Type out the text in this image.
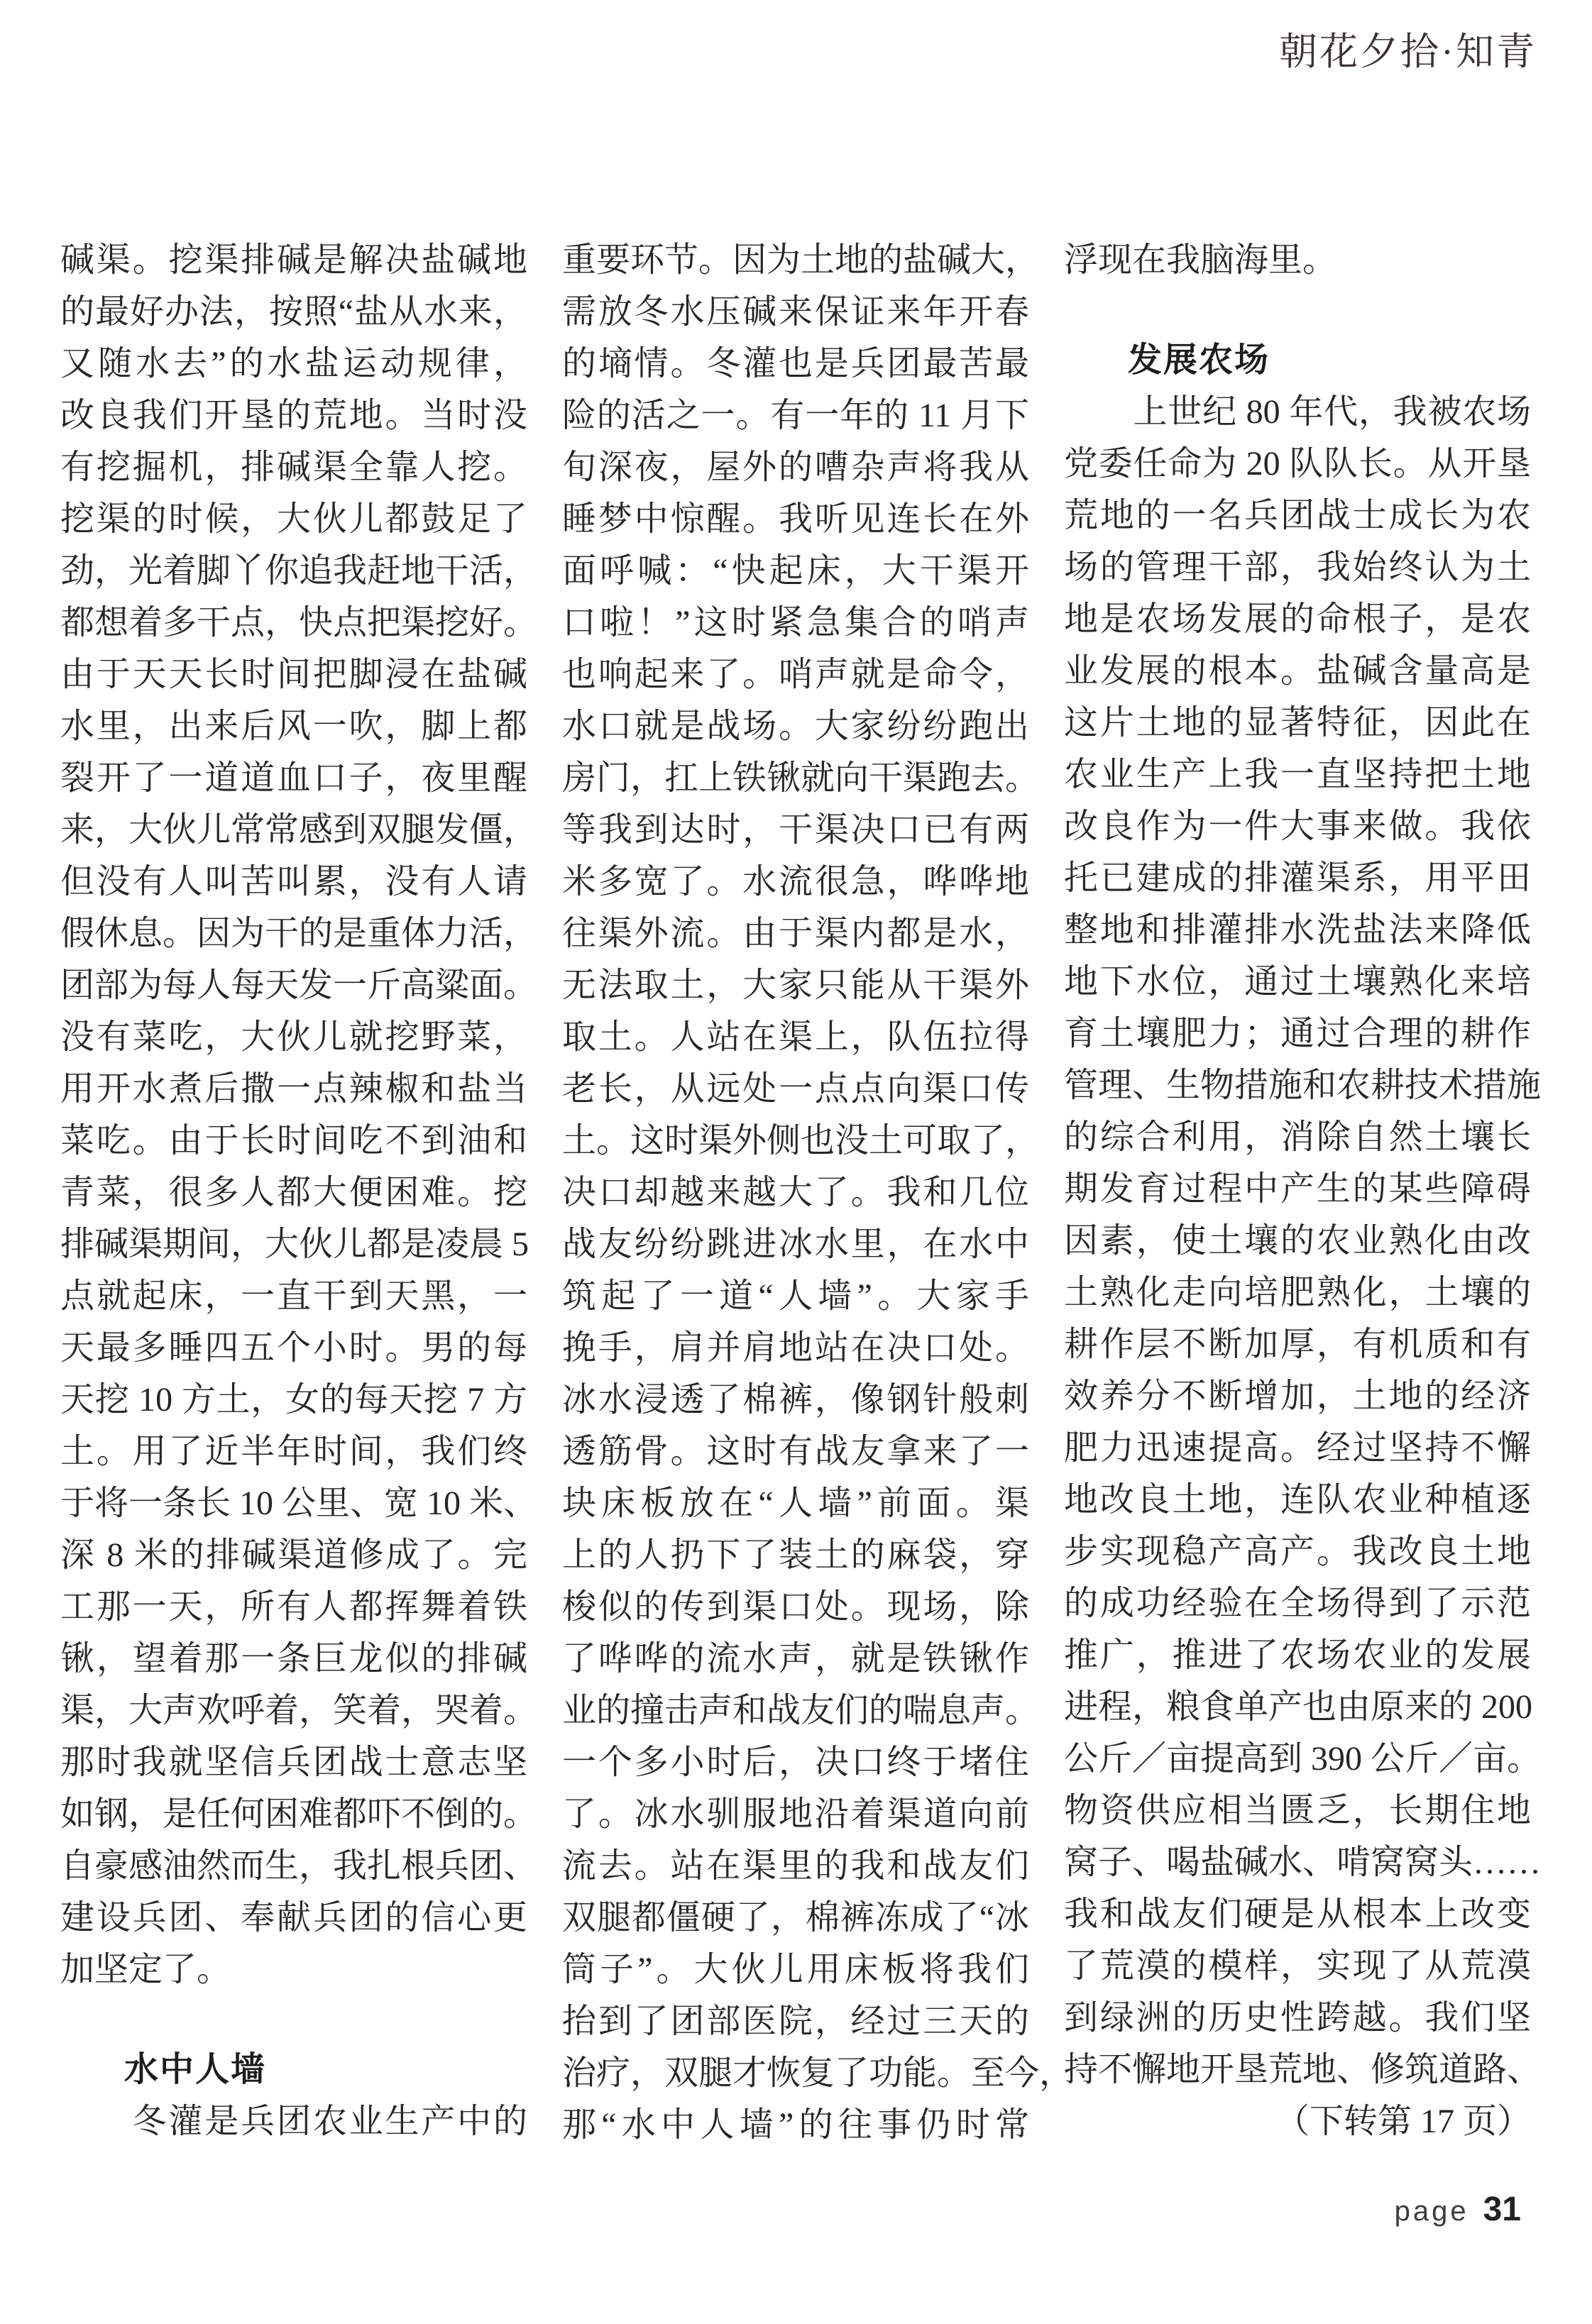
朝花夕拾·知青
碱渠。挖渠排碱是解决盐碱地
的最好办法，按照“盐从水来，
又随水去”的水盐运动规律，
改良我们开垦的荒地。当时没
有挖掘机，排碱渠全靠人挖。
挖渠的时候，大伙儿都鼓足了
劲，光着脚丫你追我赶地干活，
都想着多干点，快点把渠挖好。
由于天天长时间把脚浸在盐碱
水里，出来后风一吹，脚上都
裂开了一道道血口子，夜里醒
来，大伙儿常常感到双腿发僵，
但没有人叫苦叫累，没有人请
假休息。因为干的是重体力活，
团部为每人每天发一斤高粱面。
没有菜吃，大伙儿就挖野菜，
用开水煮后撒一点辣椒和盐当
菜吃。由于长时间吃不到油和
青菜，很多人都大便困难。挖
排碱渠期间，大伙儿都是凌晨 5
点就起床，一直干到天黑，一
天最多睡四五个小时。男的每
天挖 10 方土，女的每天挖 7 方
土。用了近半年时间，我们终
于将一条长 10 公里、宽 10 米、
深 8 米的排碱渠道修成了。完
工那一天，所有人都挥舞着铁
锹，望着那一条巨龙似的排碱
渠，大声欢呼着，笑着，哭着。
那时我就坚信兵团战士意志坚
如钢，是任何困难都吓不倒的。
自豪感油然而生，我扎根兵团、
建设兵团、奉献兵团的信心更
加坚定了。
水中人墙
　　冬灌是兵团农业生产中的
重要环节。因为土地的盐碱大，
需放冬水压碱来保证来年开春
的墒情。冬灌也是兵团最苦最
险的活之一。有一年的 11 月下
旬深夜，屋外的嘈杂声将我从
睡梦中惊醒。我听见连长在外
面呼喊：“快起床，大干渠开
口啦！”这时紧急集合的哨声
也响起来了。哨声就是命令，
水口就是战场。大家纷纷跑出
房门，扛上铁锹就向干渠跑去。
等我到达时，干渠决口已有两
米多宽了。水流很急，哗哗地
往渠外流。由于渠内都是水，
无法取土，大家只能从干渠外
取土。人站在渠上，队伍拉得
老长，从远处一点点向渠口传
土。这时渠外侧也没土可取了，
决口却越来越大了。我和几位
战友纷纷跳进冰水里，在水中
筑起了一道“人墙”。大家手
挽手，肩并肩地站在决口处。
冰水浸透了棉裤，像钢针般刺
透筋骨。这时有战友拿来了一
块床板放在“人墙”前面。渠
上的人扔下了装土的麻袋，穿
梭似的传到渠口处。现场，除
了哗哗的流水声，就是铁锹作
业的撞击声和战友们的喘息声。
一个多小时后，决口终于堵住
了。冰水驯服地沿着渠道向前
流去。站在渠里的我和战友们
双腿都僵硬了，棉裤冻成了“冰
筒子”。大伙儿用床板将我们
抬到了团部医院，经过三天的
治疗，双腿才恢复了功能。至今，
那“水中人墙”的往事仍时常
浮现在我脑海里。
发展农场
　　上世纪 80 年代，我被农场
党委任命为 20 队队长。从开垦
荒地的一名兵团战士成长为农
场的管理干部，我始终认为土
地是农场发展的命根子，是农
业发展的根本。盐碱含量高是
这片土地的显著特征，因此在
农业生产上我一直坚持把土地
改良作为一件大事来做。我依
托已建成的排灌渠系，用平田
整地和排灌排水洗盐法来降低
地下水位，通过土壤熟化来培
育土壤肥力；通过合理的耕作
管理、生物措施和农耕技术措施
的综合利用，消除自然土壤长
期发育过程中产生的某些障碍
因素，使土壤的农业熟化由改
土熟化走向培肥熟化，土壤的
耕作层不断加厚，有机质和有
效养分不断增加，土地的经济
肥力迅速提高。经过坚持不懈
地改良土地，连队农业种植逐
步实现稳产高产。我改良土地
的成功经验在全场得到了示范
推广，推进了农场农业的发展
进程，粮食单产也由原来的 200
公斤／亩提高到 390 公斤／亩。
物资供应相当匮乏，长期住地
窝子、喝盐碱水、啃窝窝头……
我和战友们硬是从根本上改变
了荒漠的模样，实现了从荒漠
到绿洲的历史性跨越。我们坚
持不懈地开垦荒地、修筑道路、
（下转第 17 页）
page 31
